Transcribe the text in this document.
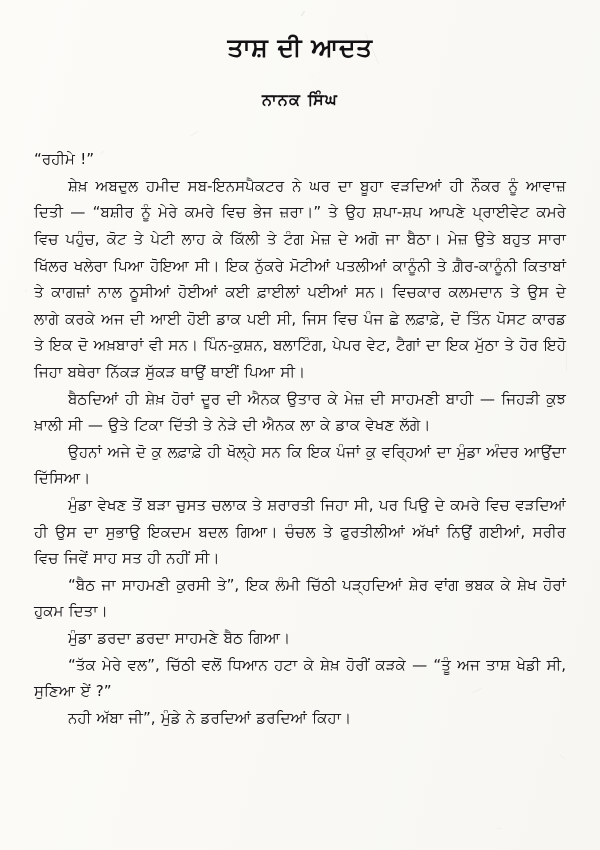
ਤਾਸ਼ ਦੀ ਆਦਤ
ਨਾਨਕ ਸਿੰਘ

“ਰਹੀਮੇ !”

ਸ਼ੇਖ਼ ਅਬਦੁਲ ਹਮੀਦ ਸਬ-ਇਨਸਪੈਕਟਰ ਨੇ ਘਰ ਦਾ ਬੂਹਾ ਵੜਦਿਆਂ ਹੀ ਨੌਕਰ ਨੂੰ ਆਵਾਜ਼ ਦਿਤੀ — “ਬਸ਼ੀਰ ਨੂੰ ਮੇਰੇ ਕਮਰੇ ਵਿਚ ਭੇਜ ਜ਼ਰਾ।” ਤੇ ਉਹ ਸ਼ਪਾ-ਸ਼ਪ ਆਪਣੇ ਪ੍ਰਾਈਵੇਟ ਕਮਰੇ ਵਿਚ ਪਹੁੰਚ, ਕੋਟ ਤੇ ਪੇਟੀ ਲਾਹ ਕੇ ਕਿੱਲੀ ਤੇ ਟੰਗ ਮੇਜ਼ ਦੇ ਅਗੋ ਜਾ ਬੈਠਾ। ਮੇਜ਼ ਉਤੇ ਬਹੁਤ ਸਾਰਾ ਖਿੱਲਰ ਖਲੇਰਾ ਪਿਆ ਹੋਇਆ ਸੀ। ਇਕ ਨੁੱਕਰੇ ਮੋਟੀਆਂ ਪਤਲੀਆਂ ਕਾਨੂੰਨੀ ਤੇ ਗ਼ੈਰ-ਕਾਨੂੰਨੀ ਕਿਤਾਬਾਂ ਤੇ ਕਾਗਜ਼ਾਂ ਨਾਲ ਠੂਸੀਆਂ ਹੋਈਆਂ ਕਈ ਫ਼ਾਈਲਾਂ ਪਈਆਂ ਸਨ। ਵਿਚਕਾਰ ਕਲਮਦਾਨ ਤੇ ਉਸ ਦੇ ਲਾਗੇ ਕਰਕੇ ਅਜ ਦੀ ਆਈ ਹੋਈ ਡਾਕ ਪਈ ਸੀ, ਜਿਸ ਵਿਚ ਪੰਜ ਛੇ ਲਫ਼ਾਫ਼ੇ, ਦੋ ਤਿੰਨ ਪੋਸਟ ਕਾਰਡ ਤੇ ਇਕ ਦੋ ਅਖ਼ਬਾਰਾਂ ਵੀ ਸਨ। ਪਿੰਨ-ਕੁਸ਼ਨ, ਬਲਾਟਿੰਗ, ਪੇਪਰ ਵੇਟ, ਟੈਗਾਂ ਦਾ ਇਕ ਮੁੱਠਾ ਤੇ ਹੋਰ ਇਹੋ ਜਿਹਾ ਬਥੇਰਾ ਨਿੱਕੜ ਸੁੱਕੜ ਥਾਉਂ ਥਾਈਂ ਪਿਆ ਸੀ।

ਬੈਠਦਿਆਂ ਹੀ ਸ਼ੇਖ਼ ਹੋਰਾਂ ਦੂਰ ਦੀ ਐਨਕ ਉਤਾਰ ਕੇ ਮੇਜ਼ ਦੀ ਸਾਹਮਣੀ ਬਾਹੀ — ਜਿਹੜੀ ਕੁਝ ਖ਼ਾਲੀ ਸੀ — ਉਤੇ ਟਿਕਾ ਦਿੱਤੀ ਤੇ ਨੇੜੇ ਦੀ ਐਨਕ ਲਾ ਕੇ ਡਾਕ ਵੇਖਣ ਲੱਗੇ।

ਉਹਨਾਂ ਅਜੇ ਦੋ ਕੁ ਲਫ਼ਾਫ਼ੇ ਹੀ ਖੋਲ੍ਹੇ ਸਨ ਕਿ ਇਕ ਪੰਜਾਂ ਕੁ ਵਰ੍ਹਿਆਂ ਦਾ ਮੁੰਡਾ ਅੰਦਰ ਆਉਂਦਾ ਦਿੱਸਿਆ।

ਮੁੰਡਾ ਵੇਖਣ ਤੋਂ ਬੜਾ ਚੁਸਤ ਚਲਾਕ ਤੇ ਸ਼ਰਾਰਤੀ ਜਿਹਾ ਸੀ, ਪਰ ਪਿਉ ਦੇ ਕਮਰੇ ਵਿਚ ਵੜਦਿਆਂ ਹੀ ਉਸ ਦਾ ਸੁਭਾਉ ਇਕਦਮ ਬਦਲ ਗਿਆ। ਚੰਚਲ ਤੇ ਫੁਰਤੀਲੀਆਂ ਅੱਖਾਂ ਨਿਉਂ ਗਈਆਂ, ਸਰੀਰ ਵਿਚ ਜਿਵੇਂ ਸਾਹ ਸਤ ਹੀ ਨਹੀਂ ਸੀ।

“ਬੈਠ ਜਾ ਸਾਹਮਣੀ ਕੁਰਸੀ ਤੇ”, ਇਕ ਲੰਮੀ ਚਿੱਠੀ ਪੜ੍ਹਦਿਆਂ ਸ਼ੇਰ ਵਾਂਗ ਭਬਕ ਕੇ ਸ਼ੇਖ ਹੋਰਾਂ ਹੁਕਮ ਦਿਤਾ।

ਮੁੰਡਾ ਡਰਦਾ ਡਰਦਾ ਸਾਹਮਣੇ ਬੈਠ ਗਿਆ।

“ਤੱਕ ਮੇਰੇ ਵਲ”, ਚਿੱਠੀ ਵਲੋਂ ਧਿਆਨ ਹਟਾ ਕੇ ਸ਼ੇਖ਼ ਹੋਰੀਂ ਕੜਕੇ — “ਤੂੰ ਅਜ ਤਾਸ਼ ਖੇਡੀ ਸੀ, ਸੁਣਿਆ ਏਂ ?”

ਨਹੀ ਅੱਬਾ ਜੀ”, ਮੁੰਡੇ ਨੇ ਡਰਦਿਆਂ ਡਰਦਿਆਂ ਕਿਹਾ।
